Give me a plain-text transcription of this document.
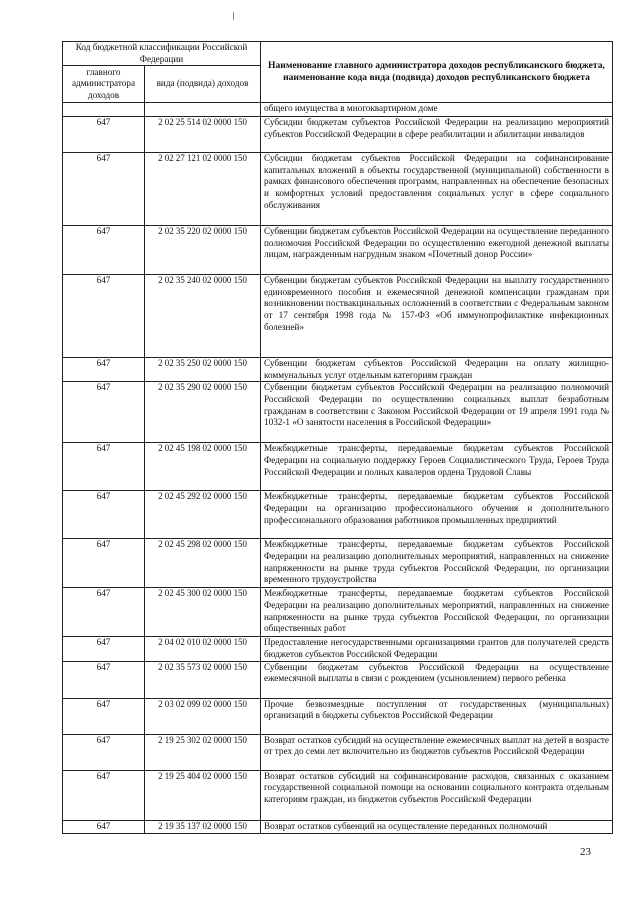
Код бюджетной классификации Российской Федерации		Наименование главного администратора доходов республиканского бюджета, наименование кода вида (подвида) доходов республиканского бюджета
главного администратора доходов	вида (подвида) доходов	
		общего имущества в многоквартирном доме
647	2 02 25 514 02 0000 150	Субсидии бюджетам субъектов Российской Федерации на реализацию мероприятий субъектов Российской Федерации в сфере реабилитации и абилитации инвалидов
647	2 02 27 121 02 0000 150	Субсидии бюджетам субъектов Российской Федерации на софинансирование капитальных вложений в объекты государственной (муниципальной) собственности в рамках финансового обеспечения программ, направленных на обеспечение безопасных и комфортных условий предоставления социальных услуг в сфере социального обслуживания
647	2 02 35 220 02 0000 150	Субвенции бюджетам субъектов Российской Федерации на осуществление переданного полномочия Российской Федерации по осуществлению ежегодной денежной выплаты лицам, награжденным нагрудным знаком «Почетный донор России»
647	2 02 35 240 02 0000 150	Субвенции бюджетам субъектов Российской Федерации на выплату государственного единовременного пособия и ежемесячной денежной компенсации гражданам при возникновении поствакцинальных осложнений в соответствии с Федеральным законом от 17 сентября 1998 года № 157-ФЗ «Об иммунопрофилактике инфекционных болезней»
647	2 02 35 250 02 0000 150	Субвенции бюджетам субъектов Российской Федерации на оплату жилищно-коммунальных услуг отдельным категориям граждан
647	2 02 35 290 02 0000 150	Субвенции бюджетам субъектов Российской Федерации на реализацию полномочий Российской Федерации по осуществлению социальных выплат безработным гражданам в соответствии с Законом Российской Федерации от 19 апреля 1991 года № 1032-1 «О занятости населения в Российской Федерации»
647	2 02 45 198 02 0000 150	Межбюджетные трансферты, передаваемые бюджетам субъектов Российской Федерации на социальную поддержку Героев Социалистического Труда, Героев Труда Российской Федерации и полных кавалеров ордена Трудовой Славы
647	2 02 45 292 02 0000 150	Межбюджетные трансферты, передаваемые бюджетам субъектов Российской Федерации на организацию профессионального обучения и дополнительного профессионального образования работников промышленных предприятий
647	2 02 45 298 02 0000 150	Межбюджетные трансферты, передаваемые бюджетам субъектов Российской Федерации на реализацию дополнительных мероприятий, направленных на снижение напряженности на рынке труда субъектов Российской Федерации, по организации временного трудоустройства
647	2 02 45 300 02 0000 150	Межбюджетные трансферты, передаваемые бюджетам субъектов Российской Федерации на реализацию дополнительных мероприятий, направленных на снижение напряженности на рынке труда субъектов Российской Федерации, по организации общественных работ
647	2 04 02 010 02 0000 150	Предоставление негосударственными организациями грантов для получателей средств бюджетов субъектов Российской Федерации
647	2 02 35 573 02 0000 150	Субвенции бюджетам субъектов Российской Федерации на осуществление ежемесячной выплаты в связи с рождением (усыновлением) первого ребенка
647	2 03 02 099 02 0000 150	Прочие безвозмездные поступления от государственных (муниципальных) организаций в бюджеты субъектов Российской Федерации
647	2 19 25 302 02 0000 150	Возврат остатков субсидий на осуществление ежемесячных выплат на детей в возрасте от трех до семи лет включительно из бюджетов субъектов Российской Федерации
647	2 19 25 404 02 0000 150	Возврат остатков субсидий на софинансирование расходов, связанных с оказанием государственной социальной помощи на основании социального контракта отдельным категориям граждан, из бюджетов субъектов Российской Федерации
647	2 19 35 137 02 0000 150	Возврат остатков субвенций на осуществление переданных полномочий
23
